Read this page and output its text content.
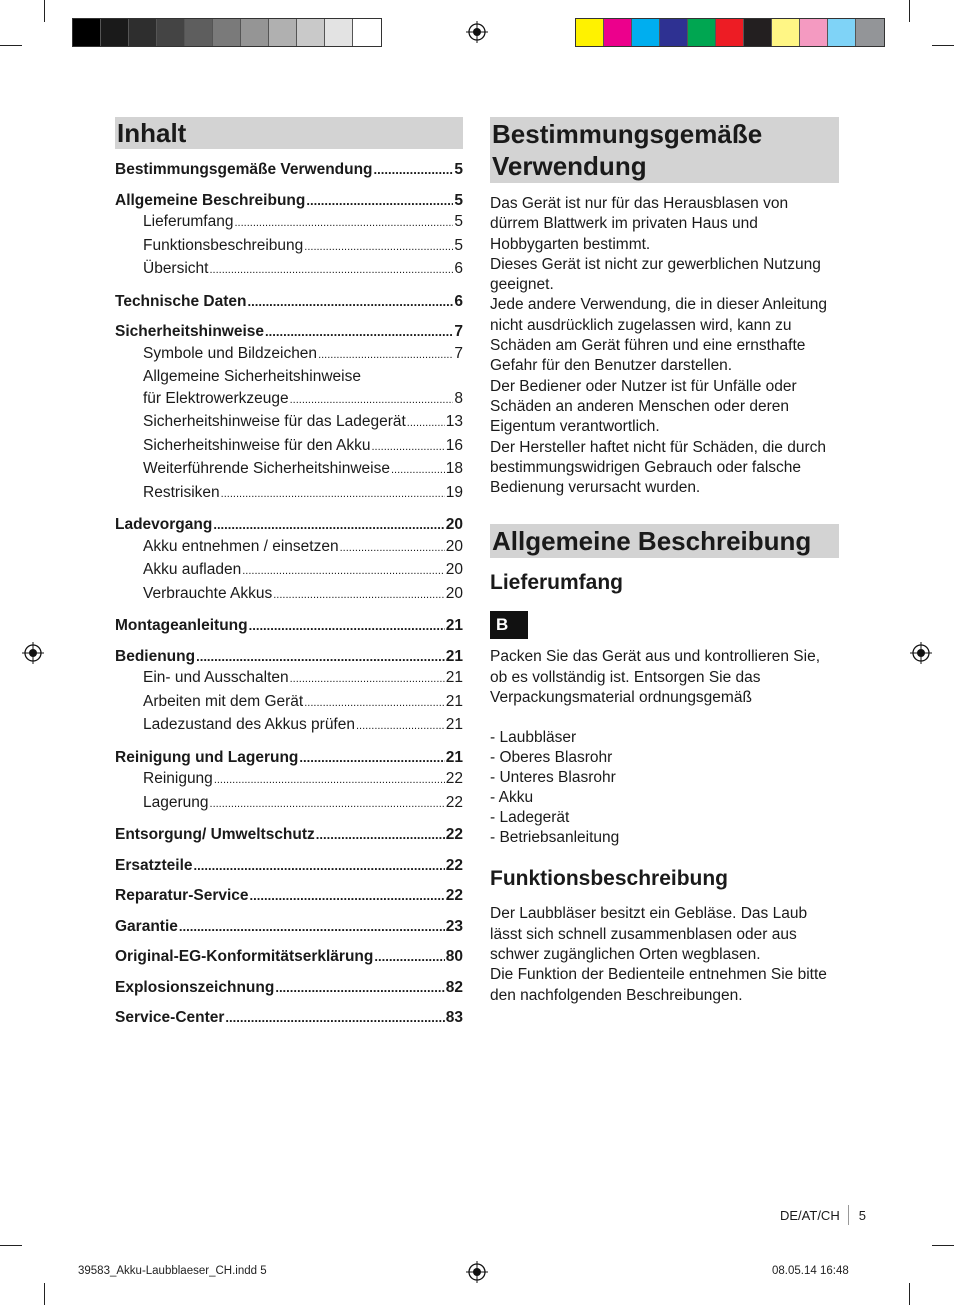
Inhalt
Bestimmungsgemäße Verwendung .....	5
Allgemeine Beschreibung .....	5
Lieferumfang .....	5
Funktionsbeschreibung .....	5
Übersicht .....	6
Technische Daten .....	6
Sicherheitshinweise .....	7
Symbole und Bildzeichen .....	7
Allgemeine Sicherheitshinweise
für Elektrowerkzeuge .....	8
Sicherheitshinweise für das Ladegerät .....	13
Sicherheitshinweise für den Akku .....	16
Weiterführende Sicherheitshinweise .....	18
Restrisiken .....	19
Ladevorgang .....	20
Akku entnehmen / einsetzen .....	20
Akku aufladen .....	20
Verbrauchte Akkus .....	20
Montageanleitung .....	21
Bedienung .....	21
Ein- und Ausschalten .....	21
Arbeiten mit dem Gerät .....	21
Ladezustand des Akkus prüfen .....	21
Reinigung und Lagerung .....	21
Reinigung .....	22
Lagerung .....	22
Entsorgung/ Umweltschutz .....	22
Ersatzteile .....	22
Reparatur-Service .....	22
Garantie .....	23
Original-EG-Konformitätserklärung .....	80
Explosionszeichnung .....	82
Service-Center .....	83
Bestimmungsgemäße
Verwendung

Das Gerät ist nur für das Herausblasen von dürrem Blattwerk im privaten Haus und Hobbygarten bestimmt.

Dieses Gerät ist nicht zur gewerblichen Nutzung geeignet.

Jede andere Verwendung, die in dieser Anleitung nicht ausdrücklich zugelassen wird, kann zu Schäden am Gerät führen und eine ernsthafte Gefahr für den Benutzer darstellen.

Der Bediener oder Nutzer ist für Unfälle oder Schäden an anderen Menschen oder deren Eigentum verantwortlich.

Der Hersteller haftet nicht für Schäden, die durch bestimmungswidrigen Gebrauch oder falsche Bedienung verursacht wurden.

Allgemeine Beschreibung
Lieferumfang
B

Packen Sie das Gerät aus und kontrollieren Sie, ob es vollständig ist. Entsorgen Sie das Verpackungsmaterial ordnungsgemäß

- Laubbläser
- Oberes Blasrohr
- Unteres Blasrohr
- Akku
- Ladegerät
- Betriebsanleitung
Funktionsbeschreibung

Der Laubbläser besitzt ein Gebläse. Das Laub lässt sich schnell zusammenblasen oder aus schwer zugänglichen Orten wegblasen.

Die Funktion der Bedienteile entnehmen Sie bitte den nachfolgenden Beschreibungen.

DE/AT/CH 5
39583_Akku-Laubblaeser_CH.indd 5	08.05.14 16:48
